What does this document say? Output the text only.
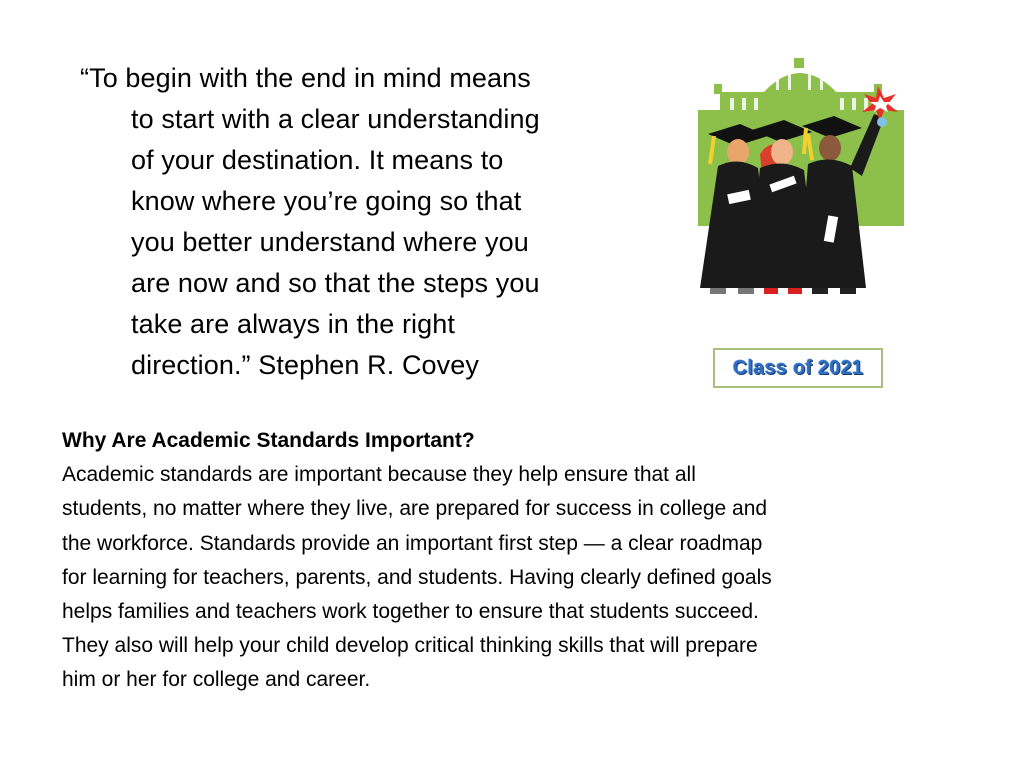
“To begin with the end in mind means
to start with a clear understanding
of your destination. It means to
know where you’re going so that
you better understand where you
are now and so that the steps you
take are always in the right
direction.” Stephen R. Covey	Class of 2021
Why Are Academic Standards Important?
Academic standards are important because they help ensure that all
students, no matter where they live, are prepared for success in college and
the workforce. Standards provide an important first step — a clear roadmap
for learning for teachers, parents, and students. Having clearly defined goals
helps families and teachers work together to ensure that students succeed.
They also will help your child develop critical thinking skills that will prepare
him or her for college and career.
